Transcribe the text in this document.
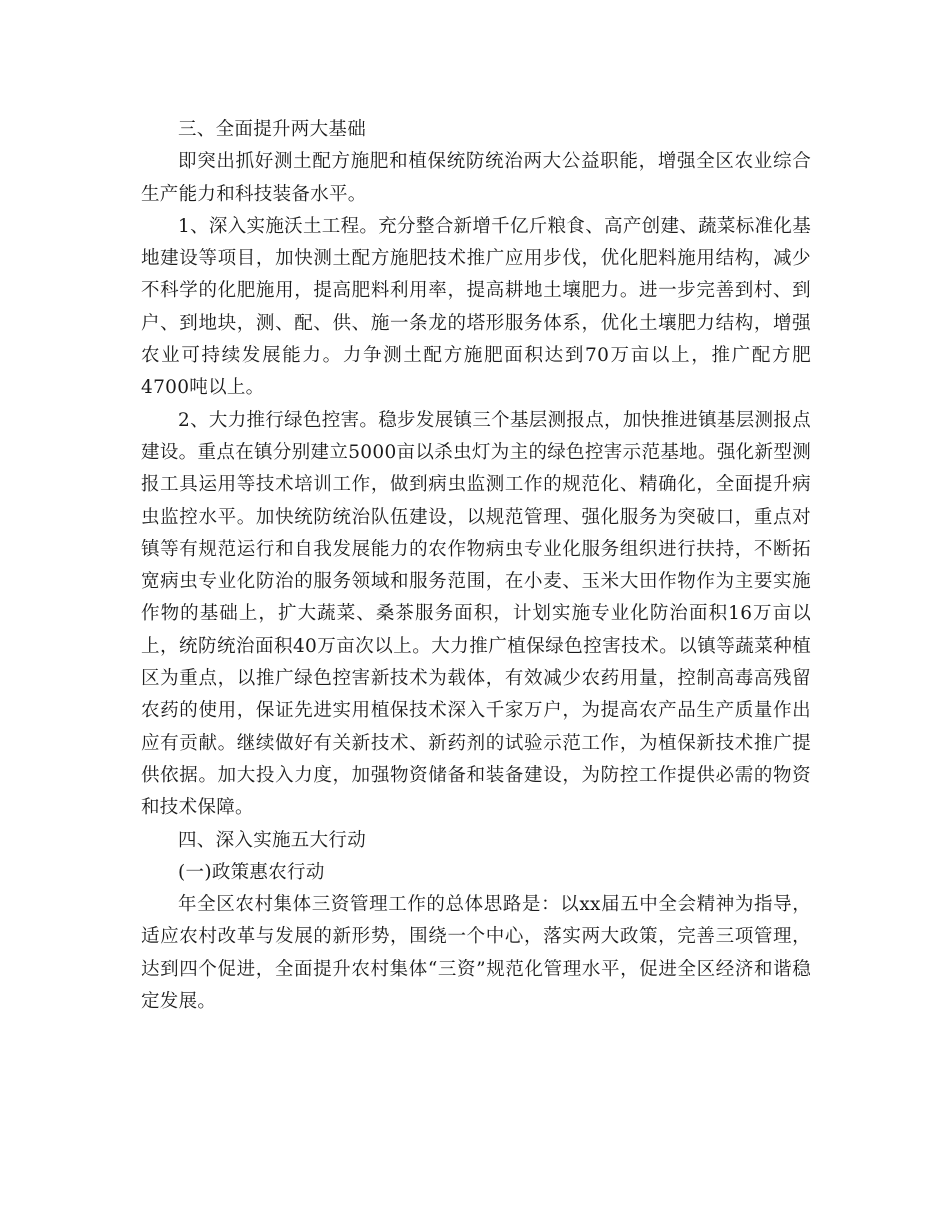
三、全面提升两大基础

即突出抓好测土配方施肥和植保统防统治两大公益职能，增强全区农业综合生产能力和科技装备水平。

1、深入实施沃土工程。充分整合新增千亿斤粮食、高产创建、蔬菜标准化基地建设等项目，加快测土配方施肥技术推广应用步伐，优化肥料施用结构，减少不科学的化肥施用，提高肥料利用率，提高耕地土壤肥力。进一步完善到村、到户、到地块，测、配、供、施一条龙的塔形服务体系，优化土壤肥力结构，增强农业可持续发展能力。力争测土配方施肥面积达到70万亩以上，推广配方肥4700吨以上。

2、大力推行绿色控害。稳步发展镇三个基层测报点，加快推进镇基层测报点建设。重点在镇分别建立5000亩以杀虫灯为主的绿色控害示范基地。强化新型测报工具运用等技术培训工作，做到病虫监测工作的规范化、精确化，全面提升病虫监控水平。加快统防统治队伍建设，以规范管理、强化服务为突破口，重点对镇等有规范运行和自我发展能力的农作物病虫专业化服务组织进行扶持，不断拓宽病虫专业化防治的服务领域和服务范围，在小麦、玉米大田作物作为主要实施作物的基础上，扩大蔬菜、桑茶服务面积，计划实施专业化防治面积16万亩以上，统防统治面积40万亩次以上。大力推广植保绿色控害技术。以镇等蔬菜种植区为重点，以推广绿色控害新技术为载体，有效减少农药用量，控制高毒高残留农药的使用，保证先进实用植保技术深入千家万户，为提高农产品生产质量作出应有贡献。继续做好有关新技术、新药剂的试验示范工作，为植保新技术推广提供依据。加大投入力度，加强物资储备和装备建设，为防控工作提供必需的物资和技术保障。

四、深入实施五大行动

(一)政策惠农行动

年全区农村集体三资管理工作的总体思路是：以xx届五中全会精神为指导，适应农村改革与发展的新形势，围绕一个中心，落实两大政策，完善三项管理，达到四个促进，全面提升农村集体“三资”规范化管理水平，促进全区经济和谐稳定发展。
